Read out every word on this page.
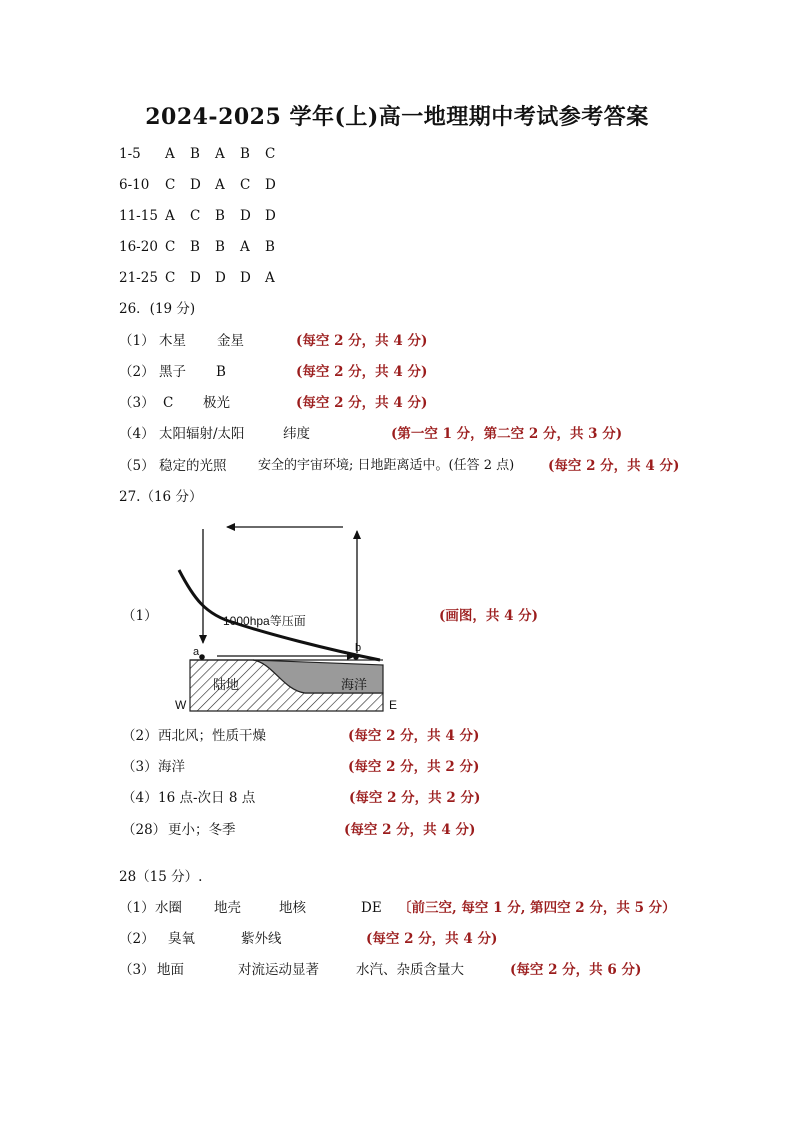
2024-2025 学年(上)高一地理期中考试参考答案
1-5 A B A B C
6-10 C D A C D
11-15 A C B D D
16-20 C B B A B
21-25 C D D D A
26．(19 分)
（1） 木星 金星	(每空 2 分，共 4 分)
（2） 黑子 B	(每空 2 分，共 4 分)
（3） C 极光	(每空 2 分，共 4 分)
（4） 太阳辐射/太阳	纬度	(第一空 1 分，第二空 2 分，共 3 分)
（5） 稳定的光照 安全的宇宙环境; 日地距离适中。(任答 2 点)	(每空 2 分，共 4 分)
27.（16 分）
（1）	1000hpa等压面
a	b
陆地	海洋
W	E
(画图，共 4 分)
（2） 西北风；性质干燥	(每空 2 分，共 4 分)
（3） 海洋	(每空 2 分，共 2 分)
（4） 16 点-次日 8 点	(每空 2 分，共 2 分)
（28） 更小；冬季	(每空 2 分，共 4 分)
28（15 分）.
（1） 水圈 地壳	地核	DE 〔前三空, 每空 1 分, 第四空 2 分，共 5 分）
（2） 臭氧	紫外线	(每空 2 分，共 4 分)
（3） 地面	对流运动显著	水汽、杂质含量大	(每空 2 分，共 6 分)
